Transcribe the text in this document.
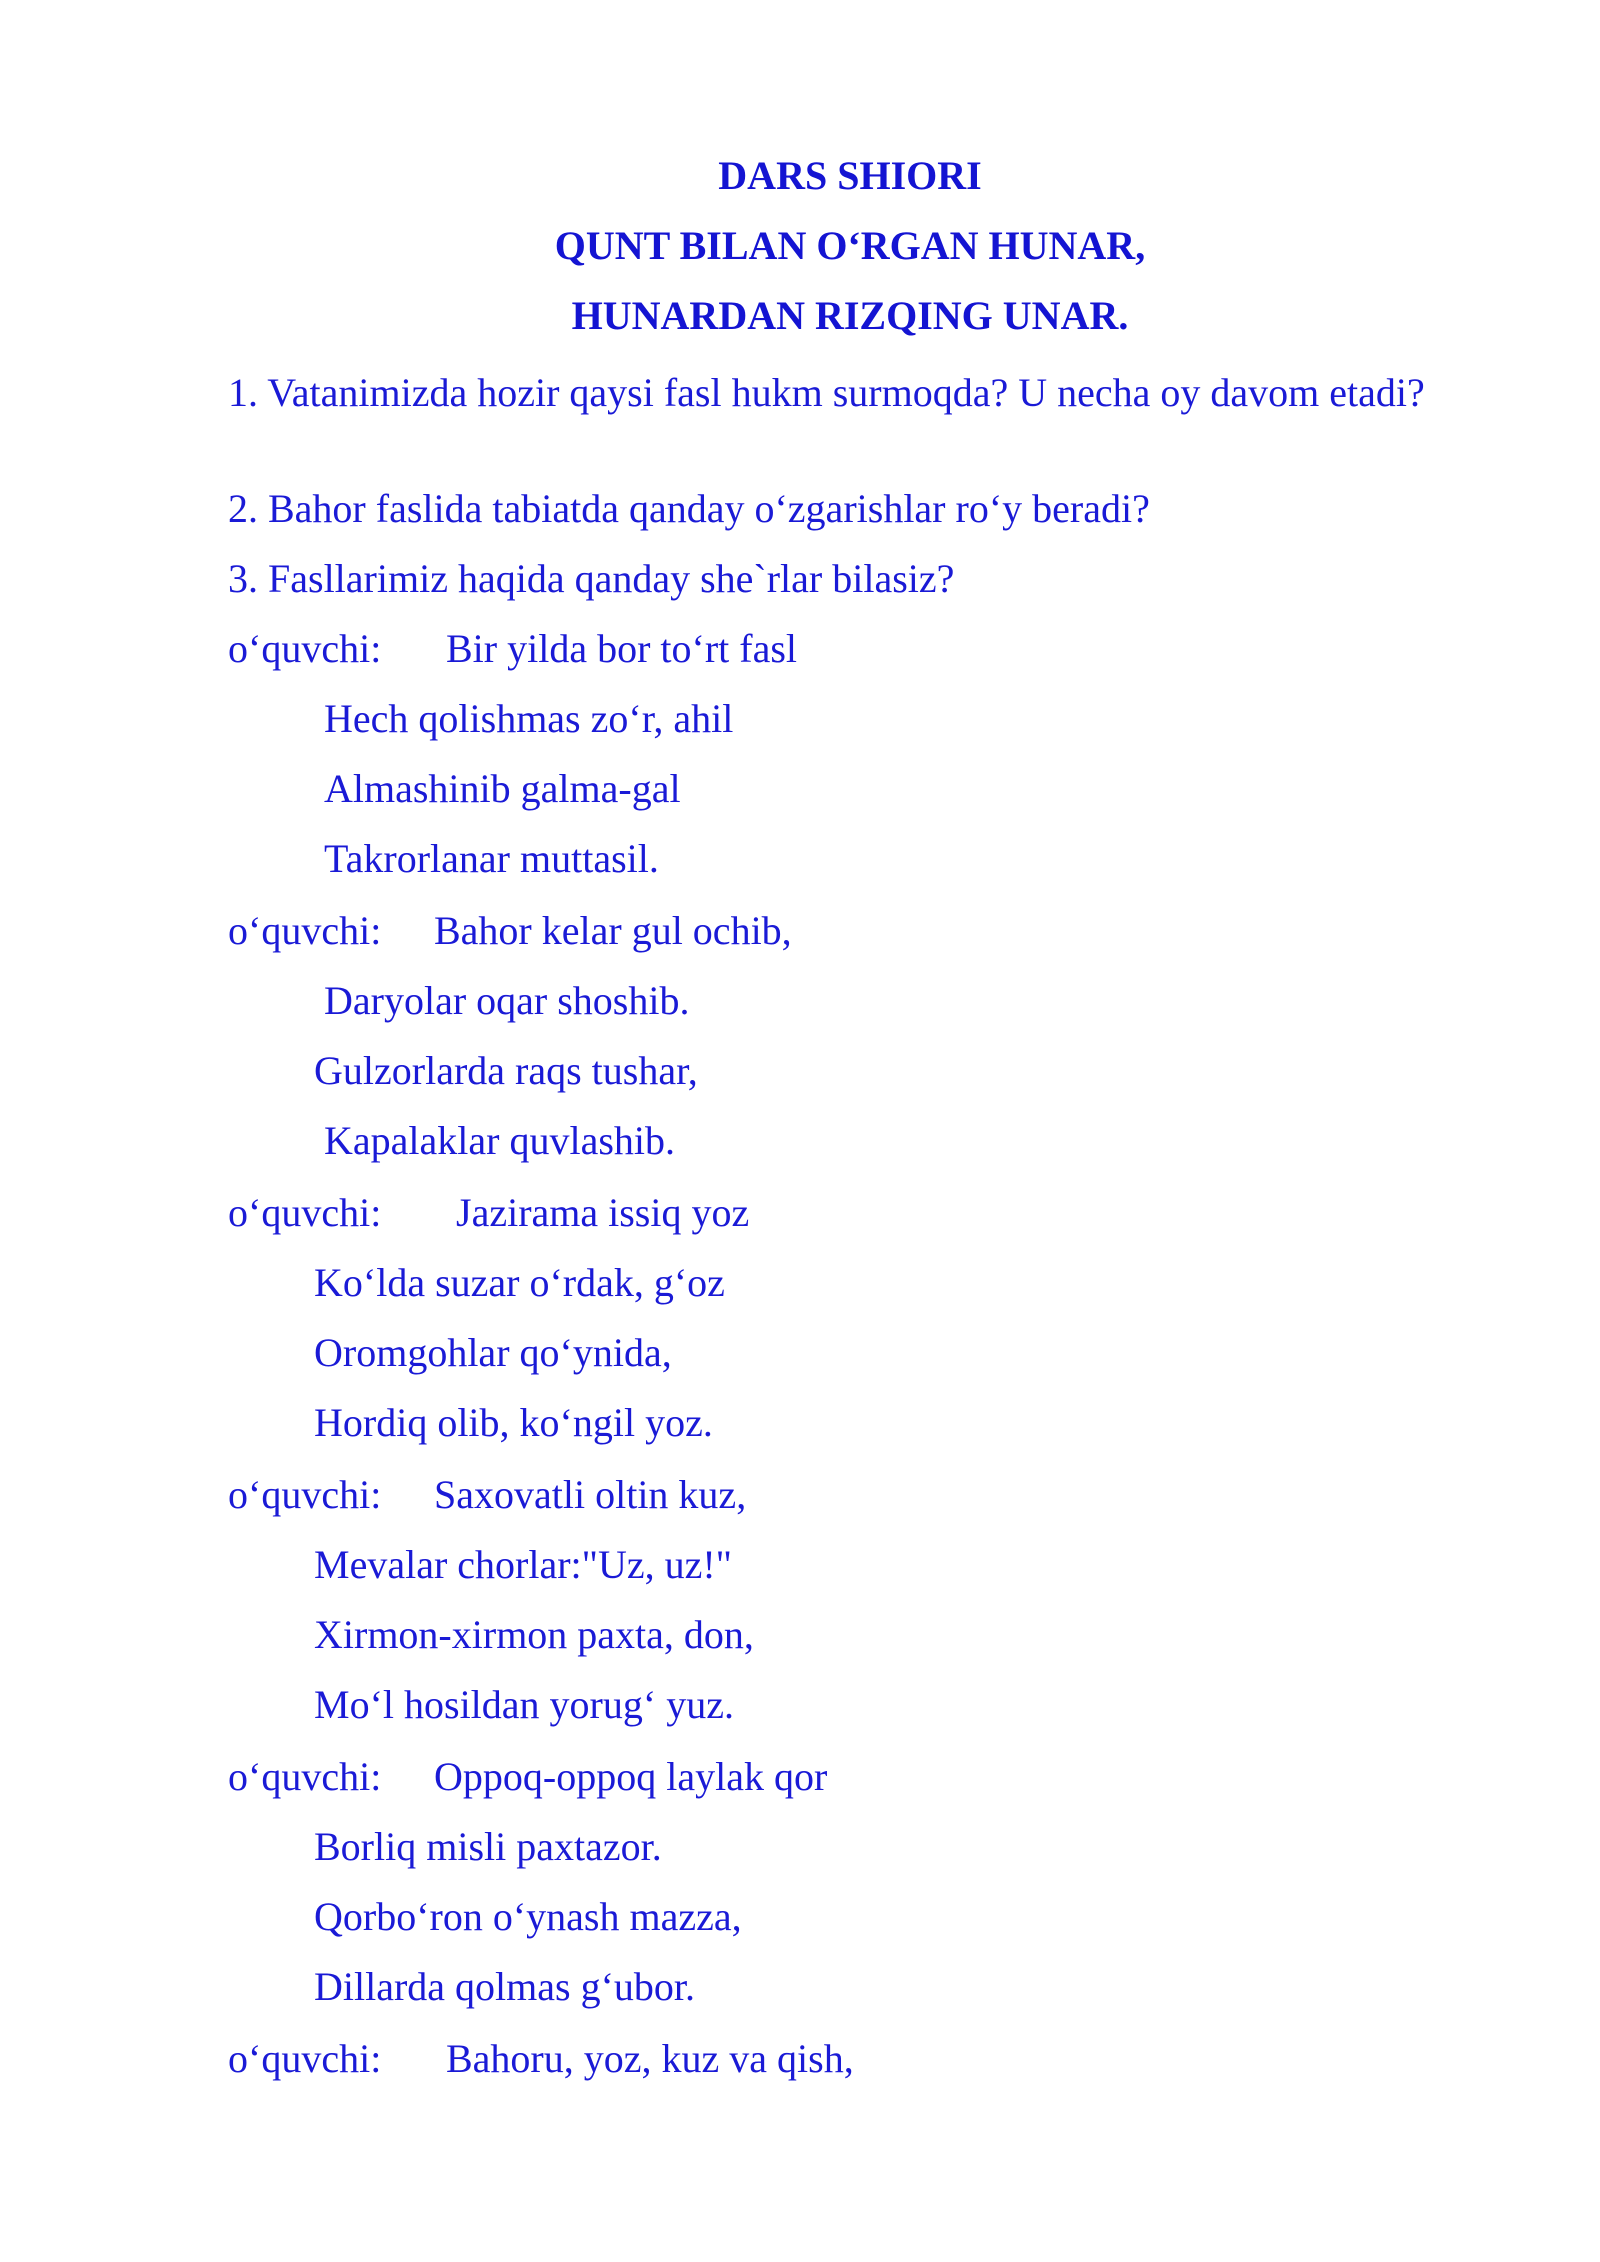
DARS SHIORI
QUNT BILAN O‘RGAN HUNAR,
HUNARDAN RIZQING UNAR.
1. Vatanimizda hozir qaysi fasl hukm surmoqda? U necha oy davom etadi?
2. Bahor faslida tabiatda qanday o‘zgarishlar ro‘y beradi?
3. Fasllarimiz haqida qanday she`rlar bilasiz?
o‘quvchi: Bir yilda bor to‘rt fasl
Hech qolishmas zo‘r, ahil
Almashinib galma-gal
Takrorlanar muttasil.
o‘quvchi: Bahor kelar gul ochib,
Daryolar oqar shoshib.
Gulzorlarda raqs tushar,
Kapalaklar quvlashib.
o‘quvchi: Jazirama issiq yoz
Ko‘lda suzar o‘rdak, g‘oz
Oromgohlar qo‘ynida,
Hordiq olib, ko‘ngil yoz.
o‘quvchi: Saxovatli oltin kuz,
Mevalar chorlar:"Uz, uz!"
Xirmon-xirmon paxta, don,
Mo‘l hosildan yorug‘ yuz.
o‘quvchi: Oppoq-oppoq laylak qor
Borliq misli paxtazor.
Qorbo‘ron o‘ynash mazza,
Dillarda qolmas g‘ubor.
o‘quvchi: Bahoru, yoz, kuz va qish,
